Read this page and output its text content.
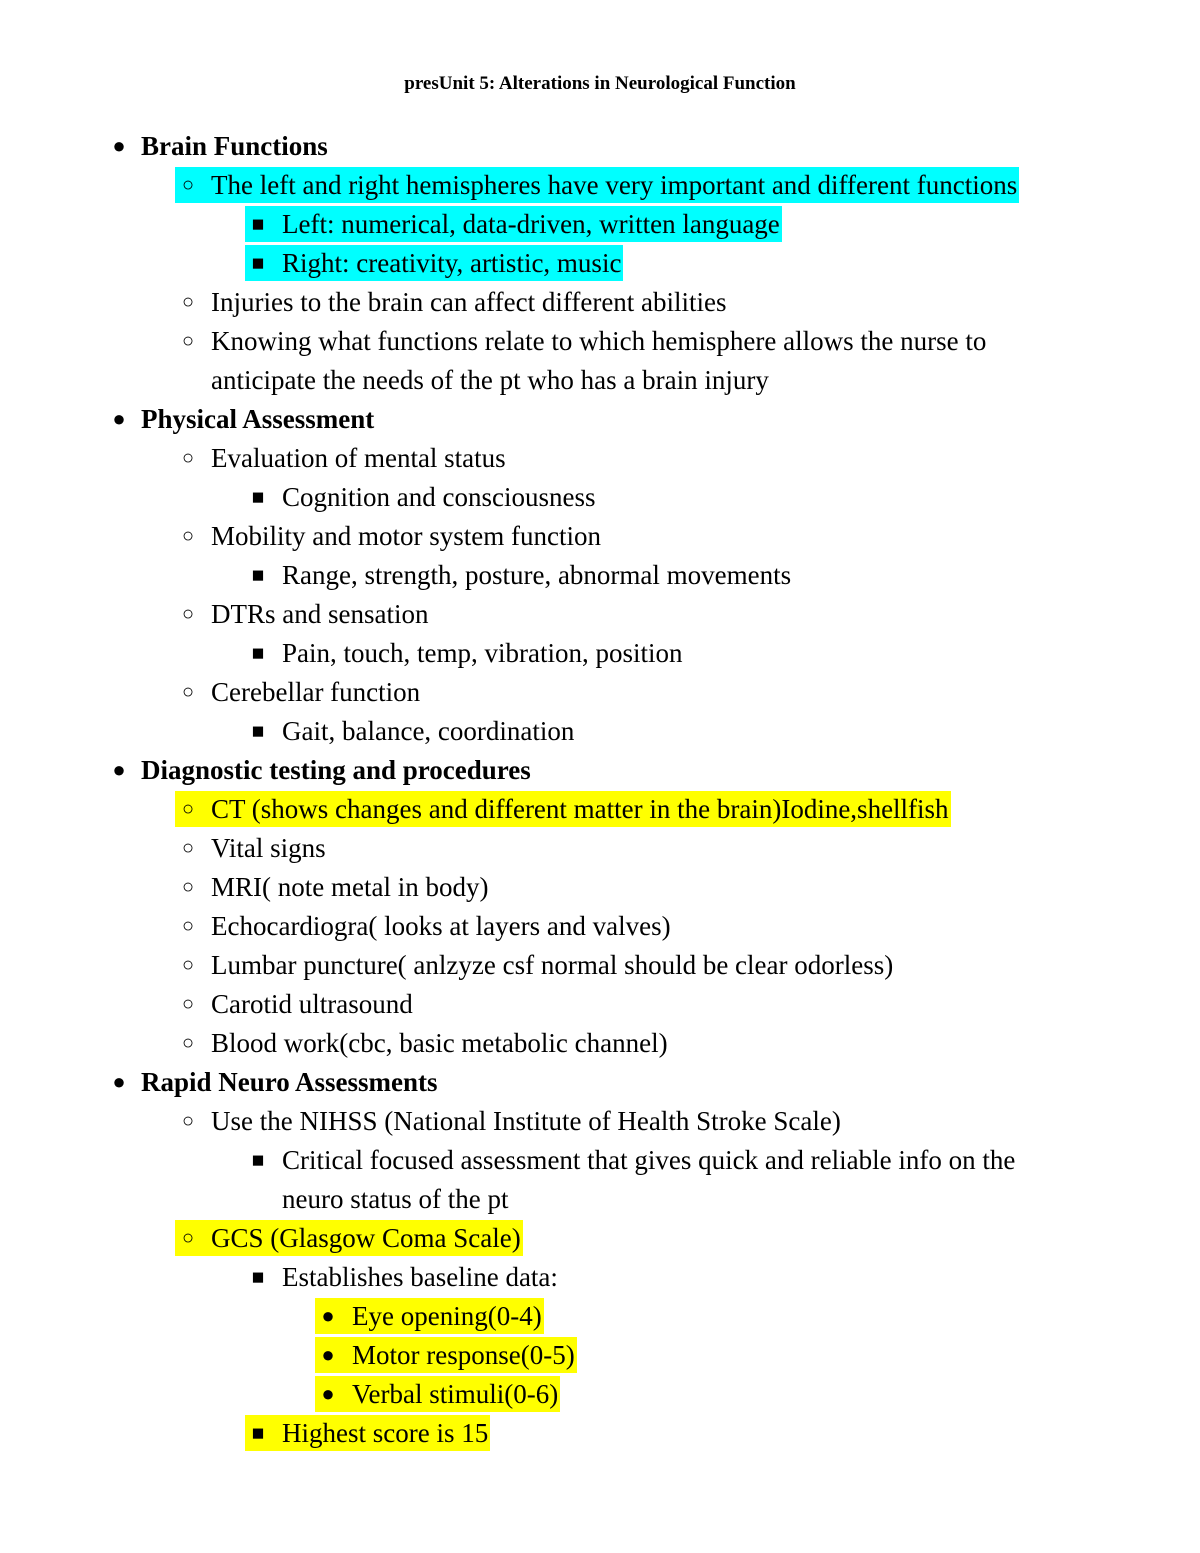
presUnit 5: Alterations in Neurological Function
● Brain Functions
○ The left and right hemispheres have very important and different functions
■ Left: numerical, data-driven, written language
■ Right: creativity, artistic, music
○ Injuries to the brain can affect different abilities
○ Knowing what functions relate to which hemisphere allows the nurse to
anticipate the needs of the pt who has a brain injury
● Physical Assessment
○ Evaluation of mental status
■ Cognition and consciousness
○ Mobility and motor system function
■ Range, strength, posture, abnormal movements
○ DTRs and sensation
■ Pain, touch, temp, vibration, position
○ Cerebellar function
■ Gait, balance, coordination
● Diagnostic testing and procedures
○ CT (shows changes and different matter in the brain)Iodine,shellfish
○ Vital signs
○ MRI( note metal in body)
○ Echocardiogra( looks at layers and valves)
○ Lumbar puncture( anlzyze csf normal should be clear odorless)
○ Carotid ultrasound
○ Blood work(cbc, basic metabolic channel)
● Rapid Neuro Assessments
○ Use the NIHSS (National Institute of Health Stroke Scale)
■ Critical focused assessment that gives quick and reliable info on the
neuro status of the pt
○ GCS (Glasgow Coma Scale)
■ Establishes baseline data:
● Eye opening(0-4)
● Motor response(0-5)
● Verbal stimuli(0-6)
■ Highest score is 15
